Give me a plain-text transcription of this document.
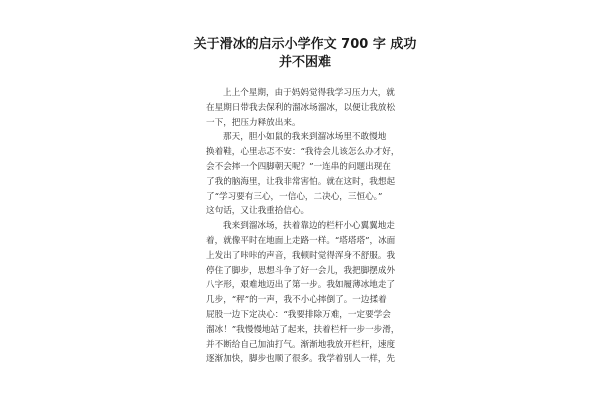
关于滑冰的启示小学作文 700 字 成功
并不困难

上上个星期，由于妈妈觉得我学习压力大，就
在星期日带我去保利的溜冰场溜冰，以便让我放松
一下，把压力释放出来。

那天，胆小如鼠的我来到溜冰场里不敢慢地
换着鞋，心里忐忑不安：“我待会儿该怎么办才好，
会不会摔一个四脚朝天呢？”一连串的问题出现在
了我的脑海里，让我非常害怕。就在这时，我想起
了“学习要有三心，一信心，二决心，三恒心。”
这句话，又让我重拾信心。

我来到溜冰场，扶着靠边的栏杆小心翼翼地走
着，就像平时在地面上走路一样。“塔塔塔”，冰面
上发出了咔咔的声音，我顿时觉得浑身不舒服。我
停住了脚步，思想斗争了好一会儿，我把脚摆成外
八字形，艰难地迈出了第一步。我如履薄冰地走了
几步，“秤”的一声，我不小心摔倒了。一边揉着
屁股一边下定决心：“我要排除万难，一定要学会
溜冰！”我慢慢地站了起来，扶着栏杆一步一步滑，
并不断给自己加油打气。渐渐地我放开栏杆，速度
逐渐加快，脚步也顺了很多。我学着别人一样，先
